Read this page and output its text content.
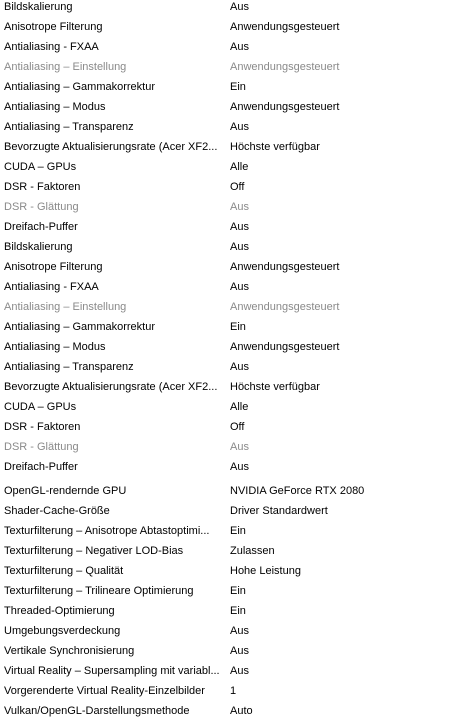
Bildskalierung	Aus
Anisotrope Filterung	Anwendungsgesteuert
Antialiasing - FXAA	Aus
Antialiasing – Einstellung	Anwendungsgesteuert
Antialiasing – Gammakorrektur	Ein
Antialiasing – Modus	Anwendungsgesteuert
Antialiasing – Transparenz	Aus
Bevorzugte Aktualisierungsrate (Acer XF2...	Höchste verfügbar
CUDA – GPUs	Alle
DSR - Faktoren	Off
DSR - Glättung	Aus
Dreifach-Puffer	Aus
Bildskalierung	Aus
Anisotrope Filterung	Anwendungsgesteuert
Antialiasing - FXAA	Aus
Antialiasing – Einstellung	Anwendungsgesteuert
Antialiasing – Gammakorrektur	Ein
Antialiasing – Modus	Anwendungsgesteuert
Antialiasing – Transparenz	Aus
Bevorzugte Aktualisierungsrate (Acer XF2...	Höchste verfügbar
CUDA – GPUs	Alle
DSR - Faktoren	Off
DSR - Glättung	Aus
Dreifach-Puffer	Aus
OpenGL-rendernde GPU	NVIDIA GeForce RTX 2080
Shader-Cache-Größe	Driver Standardwert
Texturfilterung – Anisotrope Abtastoptimi...	Ein
Texturfilterung – Negativer LOD-Bias	Zulassen
Texturfilterung – Qualität	Hohe Leistung
Texturfilterung – Trilineare Optimierung	Ein
Threaded-Optimierung	Ein
Umgebungsverdeckung	Aus
Vertikale Synchronisierung	Aus
Virtual Reality – Supersampling mit variabl... Aus
Vorgerenderte Virtual Reality-Einzelbilder	1
Vulkan/OpenGL-Darstellungsmethode	Auto
